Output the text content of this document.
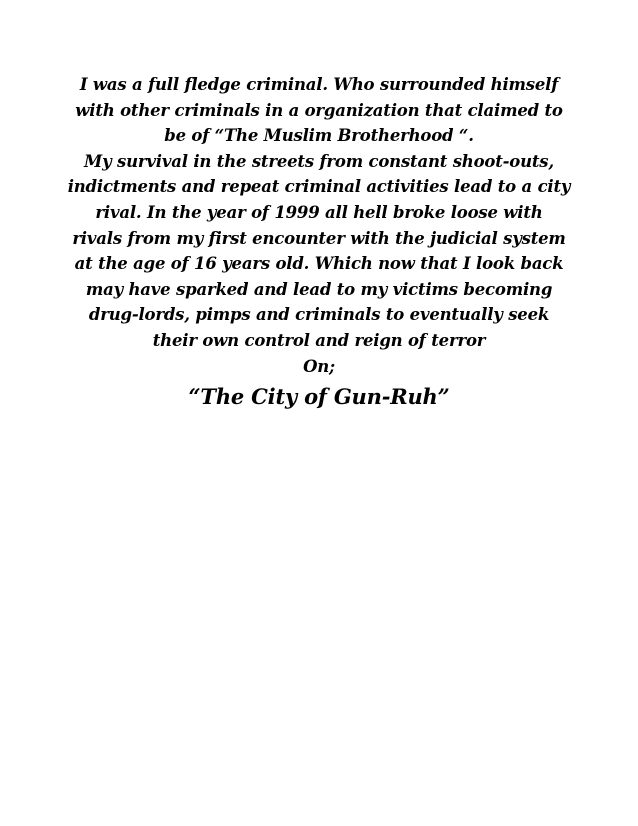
I was a full fledge criminal. Who surrounded himself
with other criminals in a organization that claimed to
be of “The Muslim Brotherhood “.
My survival in the streets from constant shoot-outs,
indictments and repeat criminal activities lead to a city
rival. In the year of 1999 all hell broke loose with
rivals from my first encounter with the judicial system
at the age of 16 years old. Which now that I look back
may have sparked and lead to my victims becoming
drug-lords, pimps and criminals to eventually seek
their own control and reign of terror
On;
“The City of Gun-Ruh”
